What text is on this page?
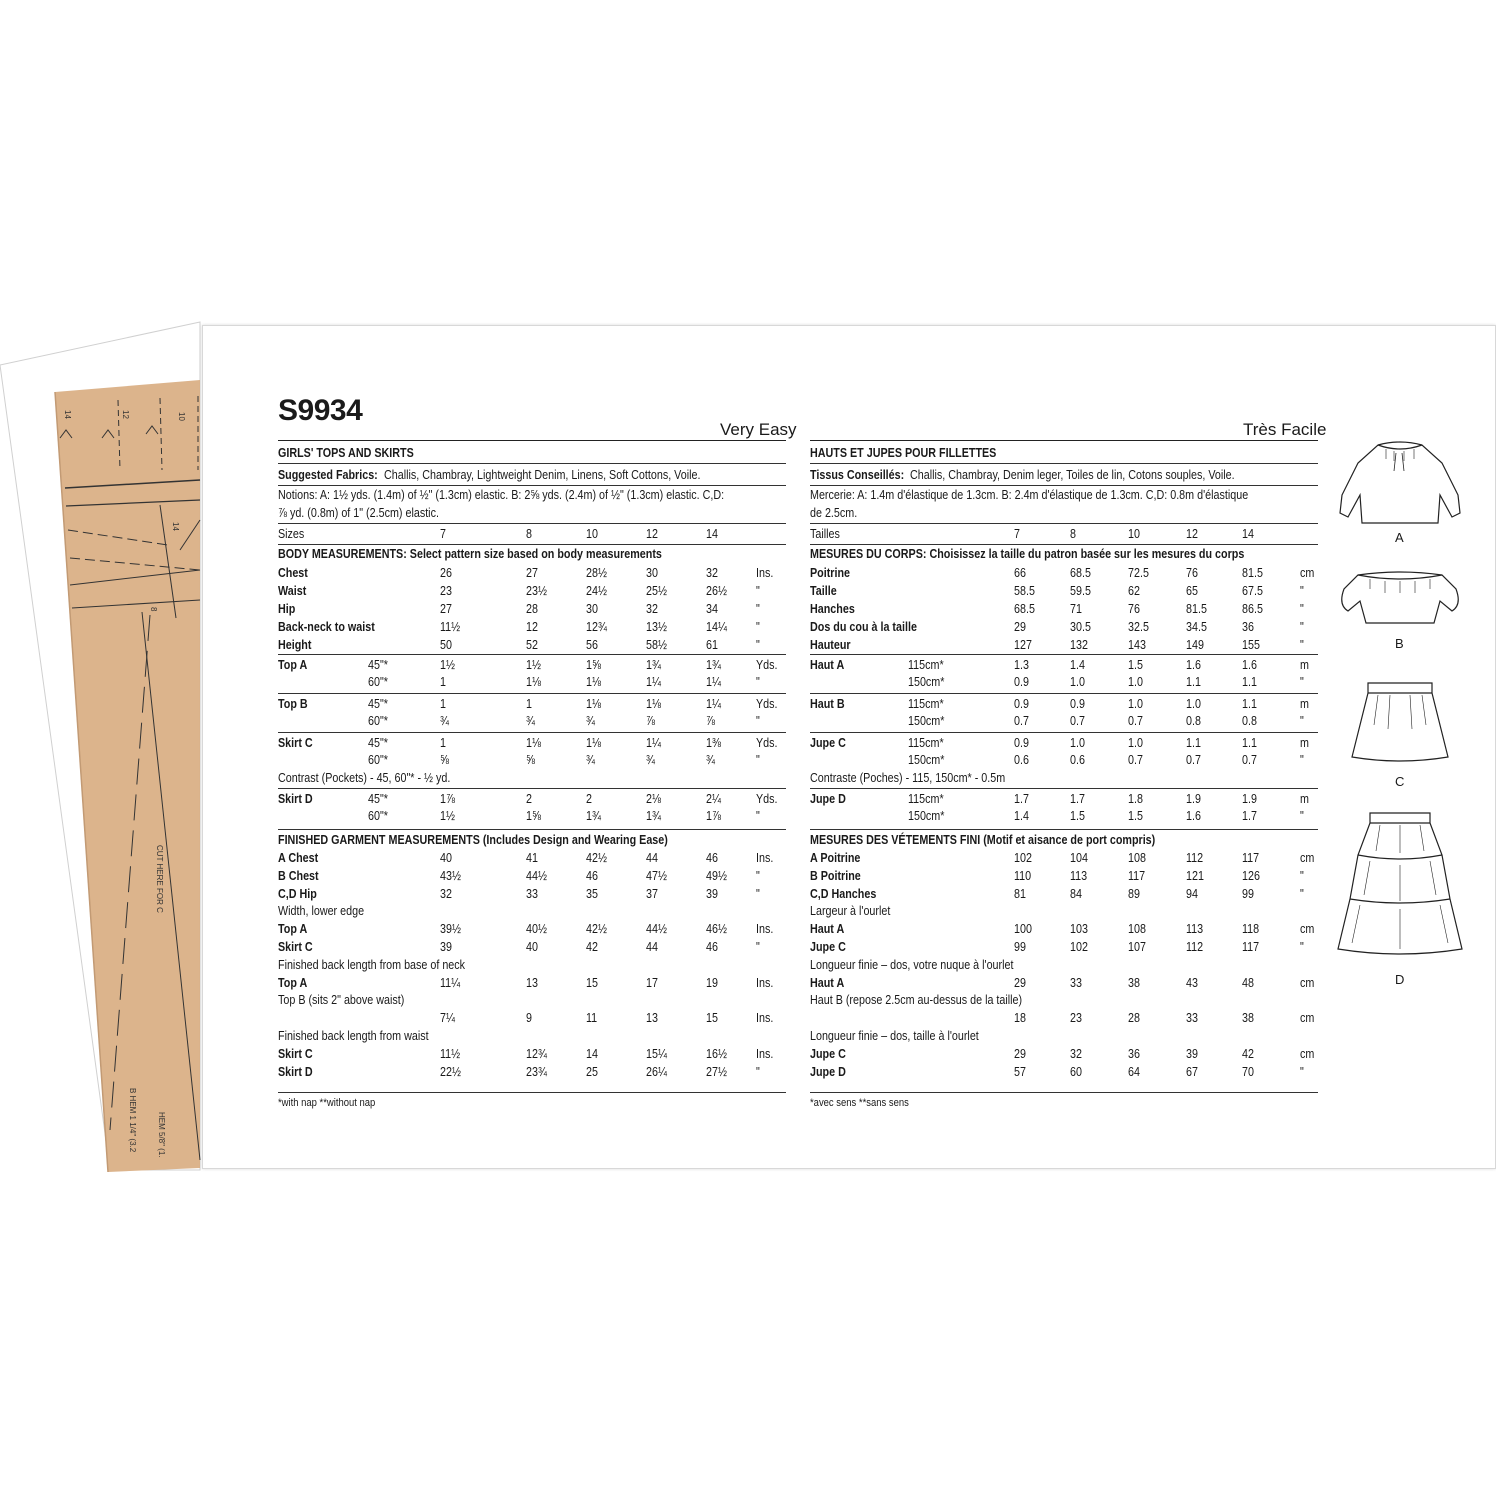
14	12	10
14
8
CUT HERE FOR C
B HEM 1 1/4" (3.2	HEM 5/8" (1.
S9934
Very Easy	Très Facile
GIRLS' TOPS AND SKIRTS
Suggested Fabrics: Challis, Chambray, Lightweight Denim, Linens, Soft Cottons, Voile.
Notions: A: 1½ yds. (1.4m) of ½" (1.3cm) elastic. B: 2⅝ yds. (2.4m) of ½" (1.3cm) elastic. C,D:
⅞ yd. (0.8m) of 1" (2.5cm) elastic.
Sizes	7	8	10	12	14
BODY MEASUREMENTS: Select pattern size based on body measurements
Chest	26	27	28½	30	32	Ins.
Waist	23	23½	24½	25½	26½ "
Hip	27	28	30	32	34	"
Back-neck to waist	11½	12	12¾	13½	14¼ "
Height	50	52	56	58½	61	"
Top A	45"*	1½	1½	1⅝	1¾	1¾	Yds.
60"*	1	1⅛	1⅛	1¼	1¼	"
Top B	45"*	1	1	1⅛	1⅛	1¼	Yds.
60"*	¾	¾	¾	⅞	⅞	"
Skirt C	45"*	1	1⅛	1⅛	1¼	1⅜	Yds.
60"*	⅝	⅝	¾	¾	¾	"
Contrast (Pockets) - 45, 60"* - ½ yd.
Skirt D	45"*	1⅞	2	2	2⅛	2¼	Yds.
60"*	1½	1⅝	1¾	1¾	1⅞	"
FINISHED GARMENT MEASUREMENTS (Includes Design and Wearing Ease)
A Chest	40	41	42½	44	46	Ins.
B Chest	43½	44½	46	47½	49½ "
C,D Hip	32	33	35	37	39	"
Width, lower edge
Top A	39½	40½	42½	44½	46½ Ins.
Skirt C	39	40	42	44	46	"
Finished back length from base of neck
Top A	11¼	13	15	17	19	Ins.
Top B (sits 2" above waist)
7¼	9	11	13	15	Ins.
Finished back length from waist
Skirt C	11½	12¾	14	15¼	16½ Ins.
Skirt D	22½	23¾	25	26¼	27½ "
*with nap **without nap
HAUTS ET JUPES POUR FILLETTES
Tissus Conseillés: Challis, Chambray, Denim leger, Toiles de lin, Cotons souples, Voile.
Mercerie: A: 1.4m d'élastique de 1.3cm. B: 2.4m d'élastique de 1.3cm. C,D: 0.8m d'élastique
de 2.5cm.
Tailles	7	8	10	12	14
MESURES DU CORPS: Choisissez la taille du patron basée sur les mesures du corps
Poitrine	66	68.5	72.5	76	81.5	cm
Taille	58.5	59.5	62	65	67.5	"
Hanches	68.5	71	76	81.5	86.5	"
Dos du cou à la taille	29	30.5	32.5	34.5	36	"
Hauteur	127	132	143	149	155	"
Haut A	115cm*	1.3	1.4	1.5	1.6	1.6	m
150cm*	0.9	1.0	1.0	1.1	1.1	"
Haut B	115cm*	0.9	0.9	1.0	1.0	1.1	m
150cm*	0.7	0.7	0.7	0.8	0.8	"
Jupe C	115cm*	0.9	1.0	1.0	1.1	1.1	m
150cm*	0.6	0.6	0.7	0.7	0.7	"
Contraste (Poches) - 115, 150cm* - 0.5m
Jupe D	115cm*	1.7	1.7	1.8	1.9	1.9	m
150cm*	1.4	1.5	1.5	1.6	1.7	"
MESURES DES VÉTEMENTS FINI (Motif et aisance de port compris)
A Poitrine	102	104	108	112	117	cm
B Poitrine	110	113	117	121	126	"
C,D Hanches	81	84	89	94	99	"
Largeur à l'ourlet
Haut A	100	103	108	113	118	cm
Jupe C	99	102	107	112	117	"
Longueur finie – dos, votre nuque à l'ourlet
Haut A	29	33	38	43	48	cm
Haut B (repose 2.5cm au-dessus de la taille)
18	23	28	33	38	cm
Longueur finie – dos, taille à l'ourlet
Jupe C	29	32	36	39	42	cm
Jupe D	57	60	64	67	70	"
*avec sens **sans sens
A
B
C
D
